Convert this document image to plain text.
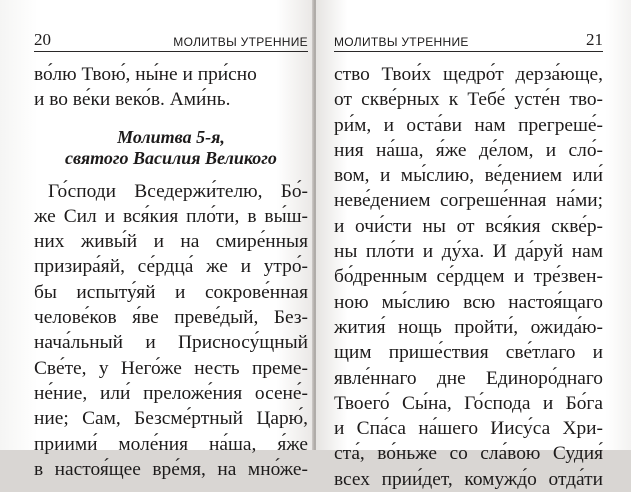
20	МОЛИТВЫ УТРЕННИЕ
во́лю Твою́, ны́не и при́сно
и во ве́ки веко́в. Ами́нь.
Молитва 5-я,
святого Василия Великого
Го́споди Вседержи́телю, Бо́-
же Сил и вся́кия пло́ти, в вы́ш-
них живы́й и на смире́нныя
призира́яй, се́рдца́ же и утро́-
бы испыту́яй и сокрове́нная
челове́ков я́ве преве́дый, Без-
нача́льный и Присносу́щный
Све́те, у Него́же несть преме-
не́ние, или́ преложе́ния осене́-
ние; Сам, Безсме́ртный Царю́,
приими́ моле́ния на́ша, я́же
в настоя́щее вре́мя, на мно́же-
МОЛИТВЫ УТРЕННИЕ	21
ство Твои́х щедро́т дерза́юще,
от скве́рных к Тебе́ усте́н тво-
ри́м, и оста́ви нам прегреше́-
ния на́ша, я́же де́лом, и сло́-
вом, и мы́слию, ве́дением или́
неве́дением согреше́нная на́ми;
и очи́сти ны от вся́кия скве́р-
ны пло́ти и ду́ха. И да́руй нам
бо́дренным се́рдцем и тре́звен-
ною мы́слию всю настоя́щаго
жития́ нощь пройти́, ожида́ю-
щим прише́ствия све́тлаго и
явле́ннаго дне Единоро́днаго
Твоего́ Сы́на, Го́спода и Бо́га
и Спа́са на́шего Иису́са Хри-
ста́, во́ньже со сла́вою Судия́
всех прии́дет, комужд́о отда́ти
